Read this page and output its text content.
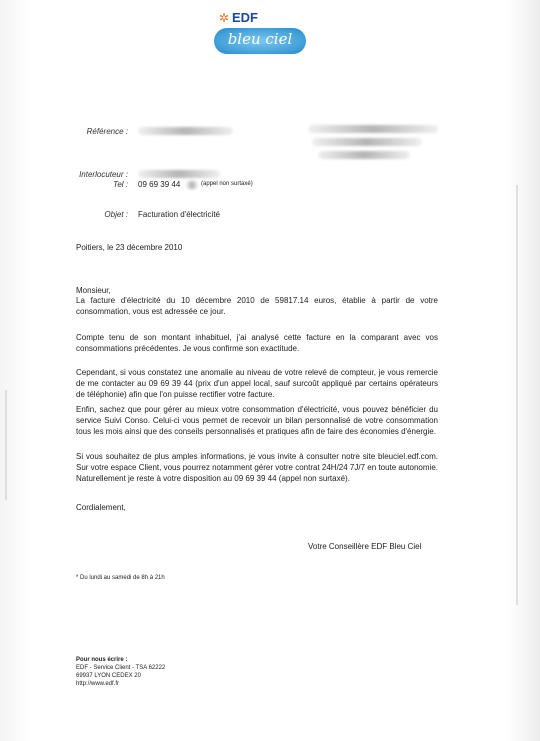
✲ EDF
bleu ciel
Référence :
Interlocuteur :
Tel : 09 69 39 44	(appel non surtaxé)
Objet : Facturation d'électricité
Poitiers, le 23 décembre 2010
Monsieur,

La facture d'électricité du 10 décembre 2010 de 59817.14 euros, établie à partir de votre consommation, vous est adressée ce jour.

Compte tenu de son montant inhabituel, j'ai analysé cette facture en la comparant avec vos consommations précédentes. Je vous confirme son exactitude.

Cependant, si vous constatez une anomalie au niveau de votre relevé de compteur, je vous remercie de me contacter au 09 69 39 44 (prix d'un appel local, sauf surcoût appliqué par certains opérateurs de téléphonie) afin que l'on puisse rectifier votre facture.

Enfin, sachez que pour gérer au mieux votre consommation d'électricité, vous pouvez bénéficier du service Suivi Conso. Celui-ci vous permet de recevoir un bilan personnalisé de votre consommation tous les mois ainsi que des conseils personnalisés et pratiques afin de faire des économies d'énergie.

Si vous souhaitez de plus amples informations, je vous invite à consulter notre site bleuciel.edf.com. Sur votre espace Client, vous pourrez notamment gérer votre contrat 24H/24 7J/7 en toute autonomie. Naturellement je reste à votre disposition au 09 69 39 44 (appel non surtaxé).

Cordialement,
Votre Conseillère EDF Bleu Ciel
* Du lundi au samedi de 8h à 21h
Pour nous écrire :
EDF - Service Client - TSA 62222
69937 LYON CEDEX 20
http://www.edf.fr
